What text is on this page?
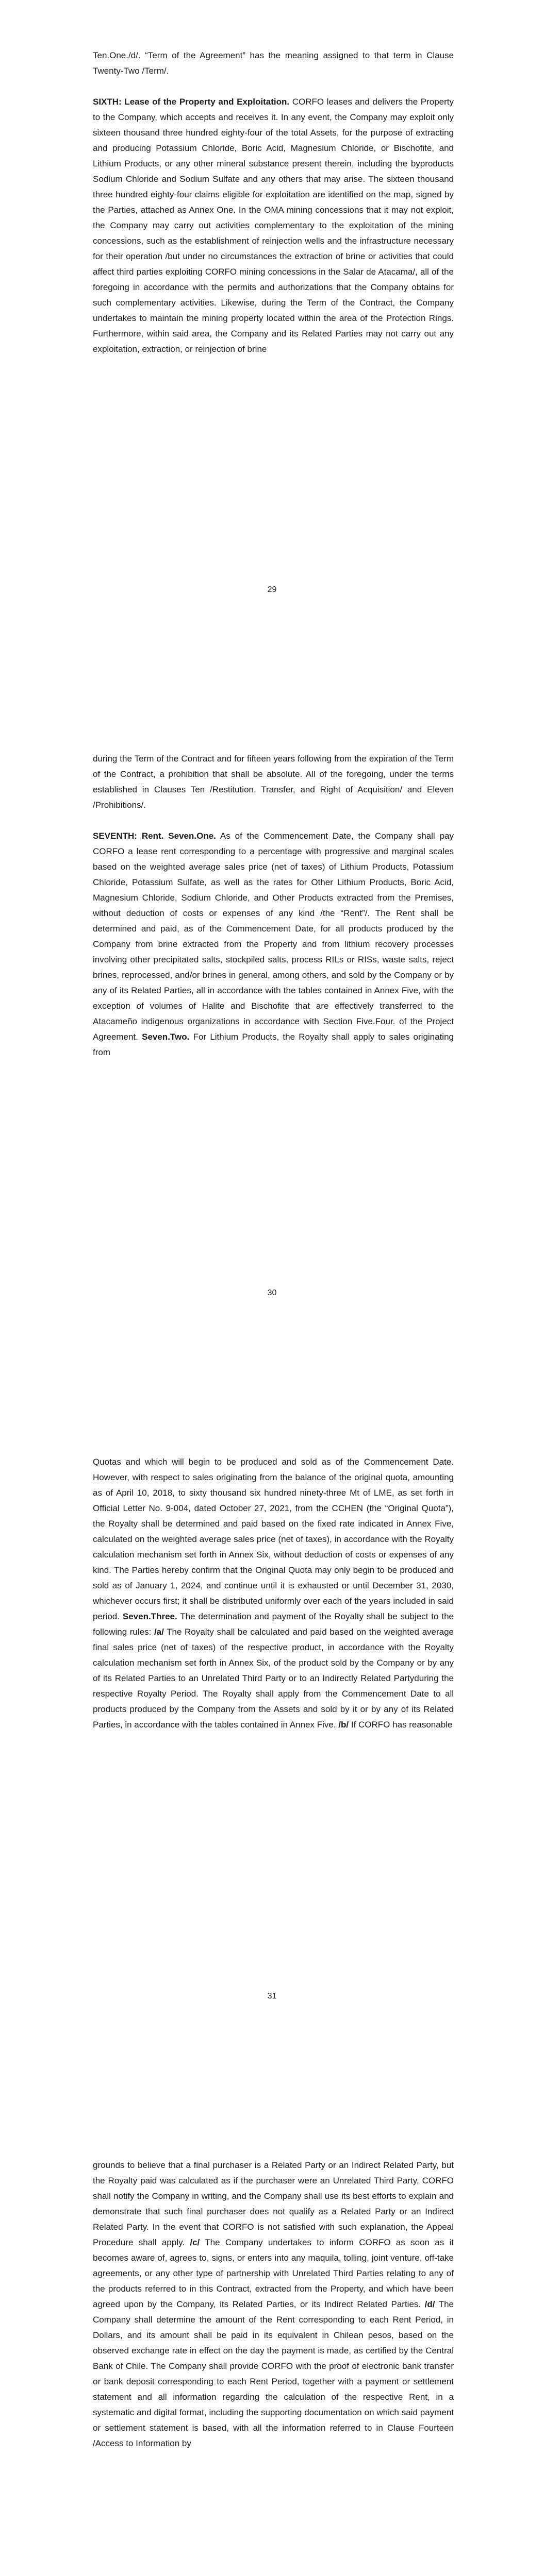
Ten.One./d/. “Term of the Agreement” has the meaning assigned to that term in Clause Twenty-Two /Term/.

SIXTH: Lease of the Property and Exploitation. CORFO leases and delivers the Property to the Company, which accepts and receives it. In any event, the Company may exploit only sixteen thousand three hundred eighty-four of the total Assets, for the purpose of extracting and producing Potassium Chloride, Boric Acid, Magnesium Chloride, or Bischofite, and Lithium Products, or any other mineral substance present therein, including the byproducts Sodium Chloride and Sodium Sulfate and any others that may arise. The sixteen thousand three hundred eighty-four claims eligible for exploitation are identified on the map, signed by the Parties, attached as Annex One. In the OMA mining concessions that it may not exploit, the Company may carry out activities complementary to the exploitation of the mining concessions, such as the establishment of reinjection wells and the infrastructure necessary for their operation /but under no circumstances the extraction of brine or activities that could affect third parties exploiting CORFO mining concessions in the Salar de Atacama/, all of the foregoing in accordance with the permits and authorizations that the Company obtains for such complementary activities. Likewise, during the Term of the Contract, the Company undertakes to maintain the mining property located within the area of the Protection Rings. Furthermore, within said area, the Company and its Related Parties may not carry out any exploitation, extraction, or reinjection of brine

29

during the Term of the Contract and for fifteen years following from the expiration of the Term of the Contract, a prohibition that shall be absolute. All of the foregoing, under the terms established in Clauses Ten /Restitution, Transfer, and Right of Acquisition/ and Eleven /Prohibitions/.

SEVENTH: Rent. Seven.One. As of the Commencement Date, the Company shall pay CORFO a lease rent corresponding to a percentage with progressive and marginal scales based on the weighted average sales price (net of taxes) of Lithium Products, Potassium Chloride, Potassium Sulfate, as well as the rates for Other Lithium Products, Boric Acid, Magnesium Chloride, Sodium Chloride, and Other Products extracted from the Premises, without deduction of costs or expenses of any kind /the “Rent”/. The Rent shall be determined and paid, as of the Commencement Date, for all products produced by the Company from brine extracted from the Property and from lithium recovery processes involving other precipitated salts, stockpiled salts, process RILs or RISs, waste salts, reject brines, reprocessed, and/or brines in general, among others, and sold by the Company or by any of its Related Parties, all in accordance with the tables contained in Annex Five, with the exception of volumes of Halite and Bischofite that are effectively transferred to the Atacameño indigenous organizations in accordance with Section Five.Four. of the Project Agreement. Seven.Two. For Lithium Products, the Royalty shall apply to sales originating from

30

Quotas and which will begin to be produced and sold as of the Commencement Date. However, with respect to sales originating from the balance of the original quota, amounting as of April 10, 2018, to sixty thousand six hundred ninety-three Mt of LME, as set forth in Official Letter No. 9-004, dated October 27, 2021, from the CCHEN (the “Original Quota”), the Royalty shall be determined and paid based on the fixed rate indicated in Annex Five, calculated on the weighted average sales price (net of taxes), in accordance with the Royalty calculation mechanism set forth in Annex Six, without deduction of costs or expenses of any kind. The Parties hereby confirm that the Original Quota may only begin to be produced and sold as of January 1, 2024, and continue until it is exhausted or until December 31, 2030, whichever occurs first; it shall be distributed uniformly over each of the years included in said period. Seven.Three. The determination and payment of the Royalty shall be subject to the following rules: /a/ The Royalty shall be calculated and paid based on the weighted average final sales price (net of taxes) of the respective product, in accordance with the Royalty calculation mechanism set forth in Annex Six, of the product sold by the Company or by any of its Related Parties to an Unrelated Third Party or to an Indirectly Related Partyduring the respective Royalty Period. The Royalty shall apply from the Commencement Date to all products produced by the Company from the Assets and sold by it or by any of its Related Parties, in accordance with the tables contained in Annex Five. /b/ If CORFO has reasonable

31

grounds to believe that a final purchaser is a Related Party or an Indirect Related Party, but the Royalty paid was calculated as if the purchaser were an Unrelated Third Party, CORFO shall notify the Company in writing, and the Company shall use its best efforts to explain and demonstrate that such final purchaser does not qualify as a Related Party or an Indirect Related Party. In the event that CORFO is not satisfied with such explanation, the Appeal Procedure shall apply. /c/ The Company undertakes to inform CORFO as soon as it becomes aware of, agrees to, signs, or enters into any maquila, tolling, joint venture, off-take agreements, or any other type of partnership with Unrelated Third Parties relating to any of the products referred to in this Contract, extracted from the Property, and which have been agreed upon by the Company, its Related Parties, or its Indirect Related Parties. /d/ The Company shall determine the amount of the Rent corresponding to each Rent Period, in Dollars, and its amount shall be paid in its equivalent in Chilean pesos, based on the observed exchange rate in effect on the day the payment is made, as certified by the Central Bank of Chile. The Company shall provide CORFO with the proof of electronic bank transfer or bank deposit corresponding to each Rent Period, together with a payment or settlement statement and all information regarding the calculation of the respective Rent, in a systematic and digital format, including the supporting documentation on which said payment or settlement statement is based, with all the information referred to in Clause Fourteen /Access to Information by
